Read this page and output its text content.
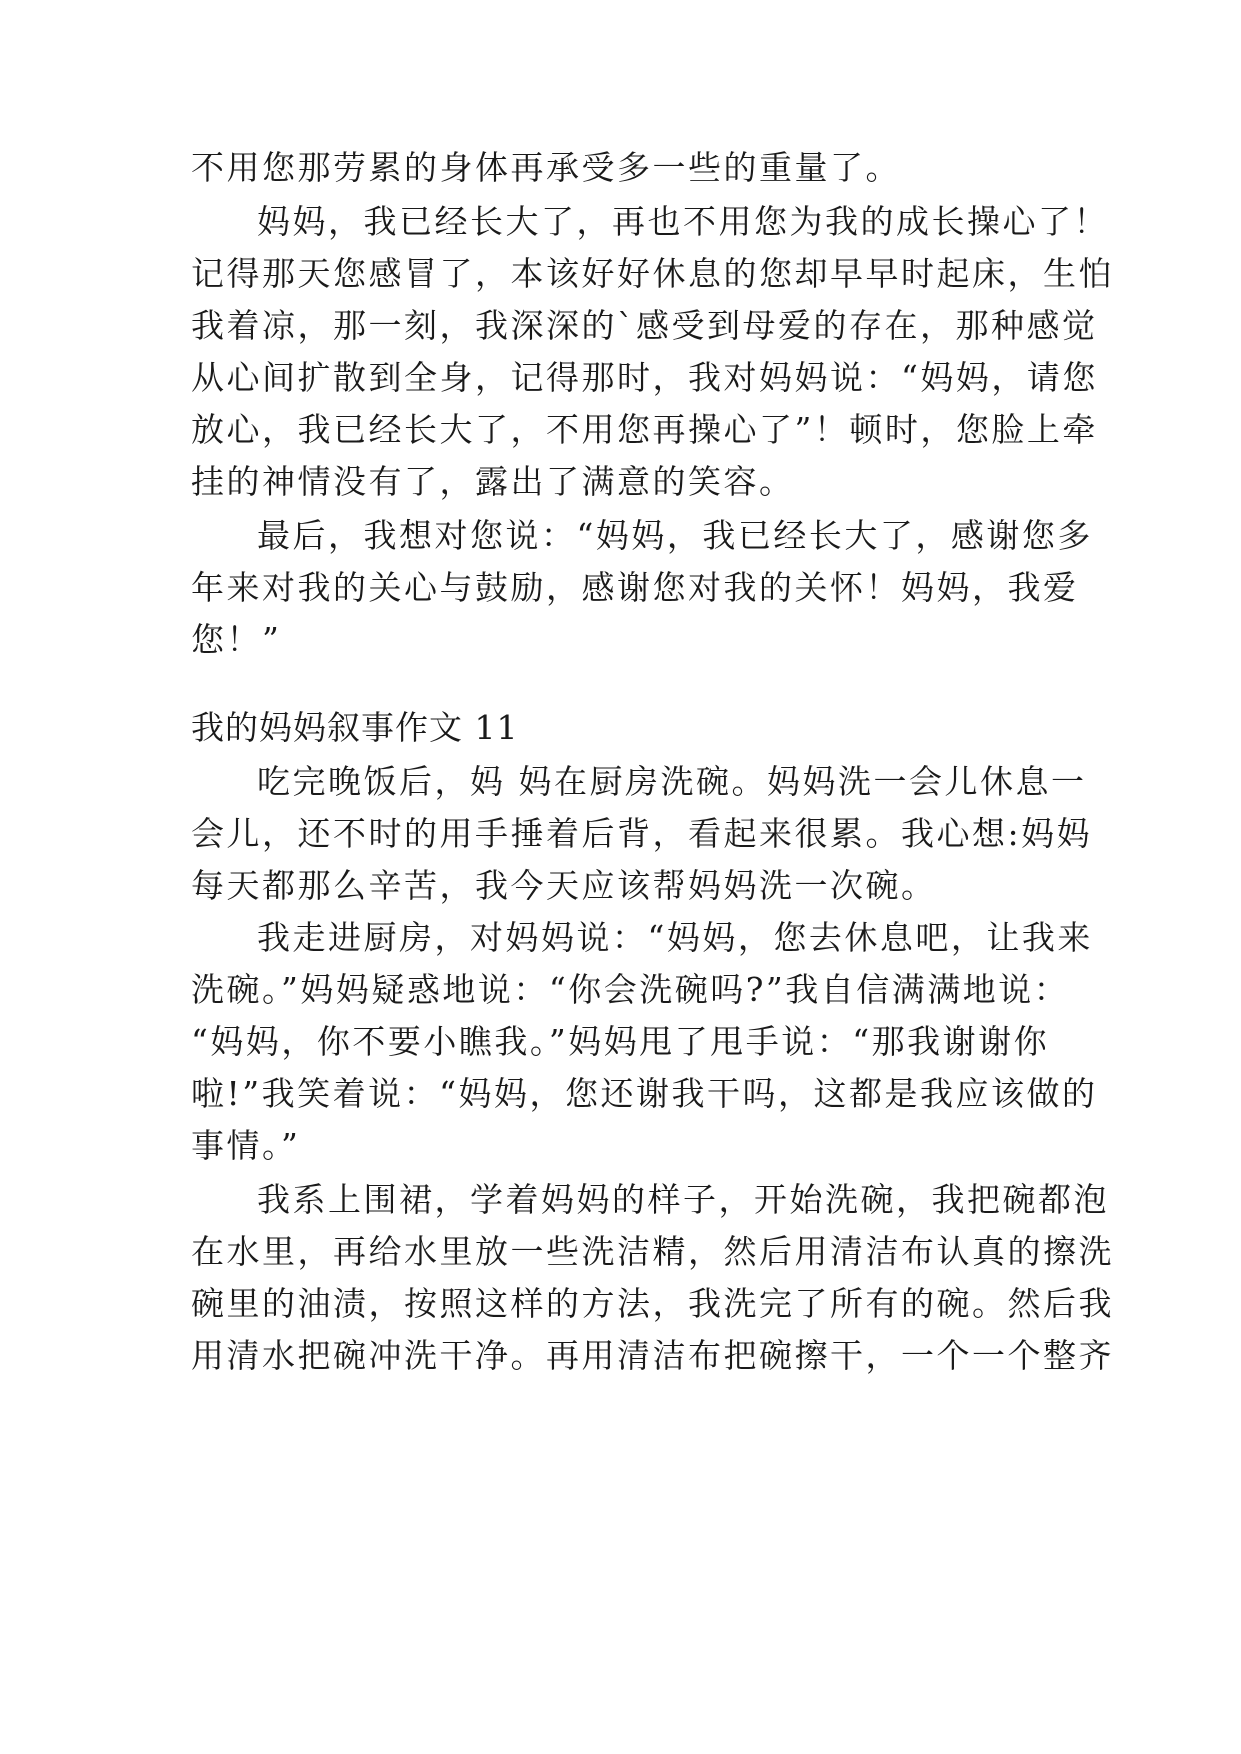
不用您那劳累的身体再承受多一些的重量了。
妈妈，我已经长大了，再也不用您为我的成长操心了！
记得那天您感冒了，本该好好休息的您却早早时起床，生怕
我着凉，那一刻，我深深的`感受到母爱的存在，那种感觉
从心间扩散到全身，记得那时，我对妈妈说：“妈妈，请您
放心，我已经长大了，不用您再操心了”！顿时，您脸上牵
挂的神情没有了，露出了满意的笑容。
最后，我想对您说：“妈妈，我已经长大了，感谢您多
年来对我的关心与鼓励，感谢您对我的关怀！妈妈，我爱
您！”
我的妈妈叙事作文 11
吃完晚饭后，妈 妈在厨房洗碗。妈妈洗一会儿休息一
会儿，还不时的用手捶着后背，看起来很累。我心想:妈妈
每天都那么辛苦，我今天应该帮妈妈洗一次碗。
我走进厨房，对妈妈说：“妈妈，您去休息吧，让我来
洗碗。”妈妈疑惑地说：“你会洗碗吗?”我自信满满地说：
“妈妈，你不要小瞧我。”妈妈甩了甩手说：“那我谢谢你
啦!”我笑着说：“妈妈，您还谢我干吗，这都是我应该做的
事情。”
我系上围裙，学着妈妈的样子，开始洗碗，我把碗都泡
在水里，再给水里放一些洗洁精，然后用清洁布认真的擦洗
碗里的油渍，按照这样的方法，我洗完了所有的碗。然后我
用清水把碗冲洗干净。再用清洁布把碗擦干，一个一个整齐
